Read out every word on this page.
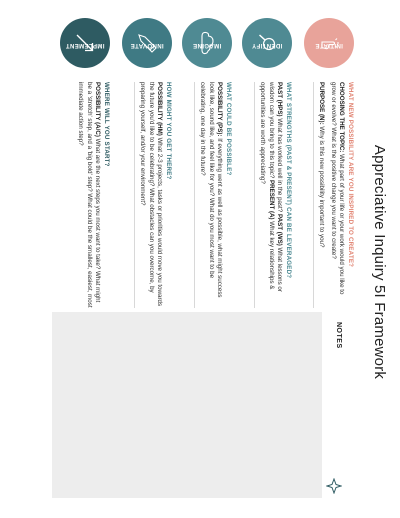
Appreciative Inquiry 5I Framework
INITIATE
WHAT NEW POSSIBILITY ARE YOU INSPIRED TO CREATE?
CHOOSING THE TOPIC: What part of your life or your work would you like to grow or evolve? What is the positive change you want to create?
PURPOSE (N): Why is this new possibility important to you?
IDENTIFY
WHAT STRENGTHS (PAST & PRESENT) CAN BE LEVERAGED?
PAST (HPS) What has worked well in the past? PAST (WS) What lessons or wisdom can you bring to this topic? PRESENT (A) What key relationships & opportunities are worth appreciating?
IMAGINE
WHAT COULD BE POSSIBLE?
POSSIBILITY (PS): If everything went as well as possible, what might success look like, sound like, and feel like for you? What do you most want to be celebrating, one day in the future?
INNOVATE
HOW MIGHT YOU GET THERE?
POSSIBILITY (HM) What 2-3 projects, tasks or priorities would move you towards the future you'd like to be celebrating? What obstacles can you overcome, by preparing yourself, and/or your environment?
IMPLEMENT
WHERE WILL YOU START?
POSSIBILITY (A/C) What are the next steps you most want to take? What might be a 'stretch' step, and a 'big bold' step? What could be the smallest, easiest, most immediate action step?
NOTES
